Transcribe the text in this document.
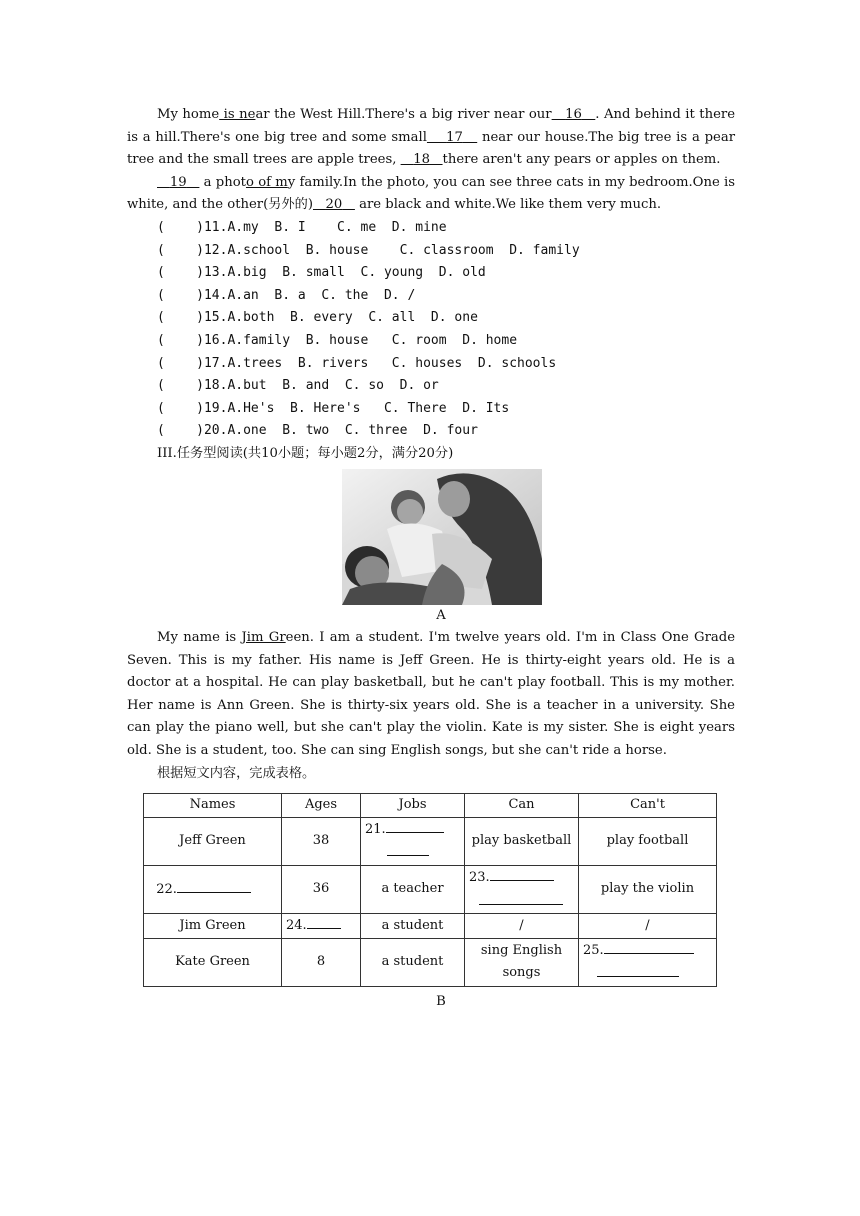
My home is near the West Hill.There's a big river near our 16 . And behind it there is a hill.There's one big tree and some small 17    near our house.The big tree is a pear tree and the small trees are apple trees,    18 there aren't any pears or apples on them.

19    a photo of my family.In the photo, you can see three cats in my bedroom.One is white, and the other(另外的) 20    are black and white.We like them very much.

(    )11.A.my  B. I    C. me  D. mine

(    )12.A.school  B. house    C. classroom  D. family

(    )13.A.big  B. small  C. young  D. old

(    )14.A.an  B. a  C. the  D. /

(    )15.A.both  B. every  C. all  D. one

(    )16.A.family  B. house   C. room  D. home

(    )17.A.trees  B. rivers   C. houses  D. schools

(    )18.A.but  B. and  C. so  D. or

(    )19.A.He's  B. Here's   C. There  D. Its

(    )20.A.one  B. two  C. three  D. four

III.任务型阅读(共10小题；每小题2分，满分20分)

A

My name is Jim Green. I am a student. I'm twelve years old. I'm in Class One Grade Seven. This is my father. His name is Jeff Green. He is thirty-eight years old. He is a doctor at a hospital. He can play basketball, but he can't play football. This is my mother. Her name is Ann Green. She is thirty-six years old. She is a teacher in a university. She can play the piano well, but she can't play the violin. Kate is my sister. She is eight years old. She is a student, too. She can sing English songs, but she can't ride a horse.

根据短文内容，完成表格。

Names	Ages	Jobs	Can	Can't
Jeff Green	38	21.	play basketball	play football
22.	36	a teacher	23.	play the violin
Jim Green	24.	a student	/	/
Kate Green	8	a student	sing English songs	25.

B
